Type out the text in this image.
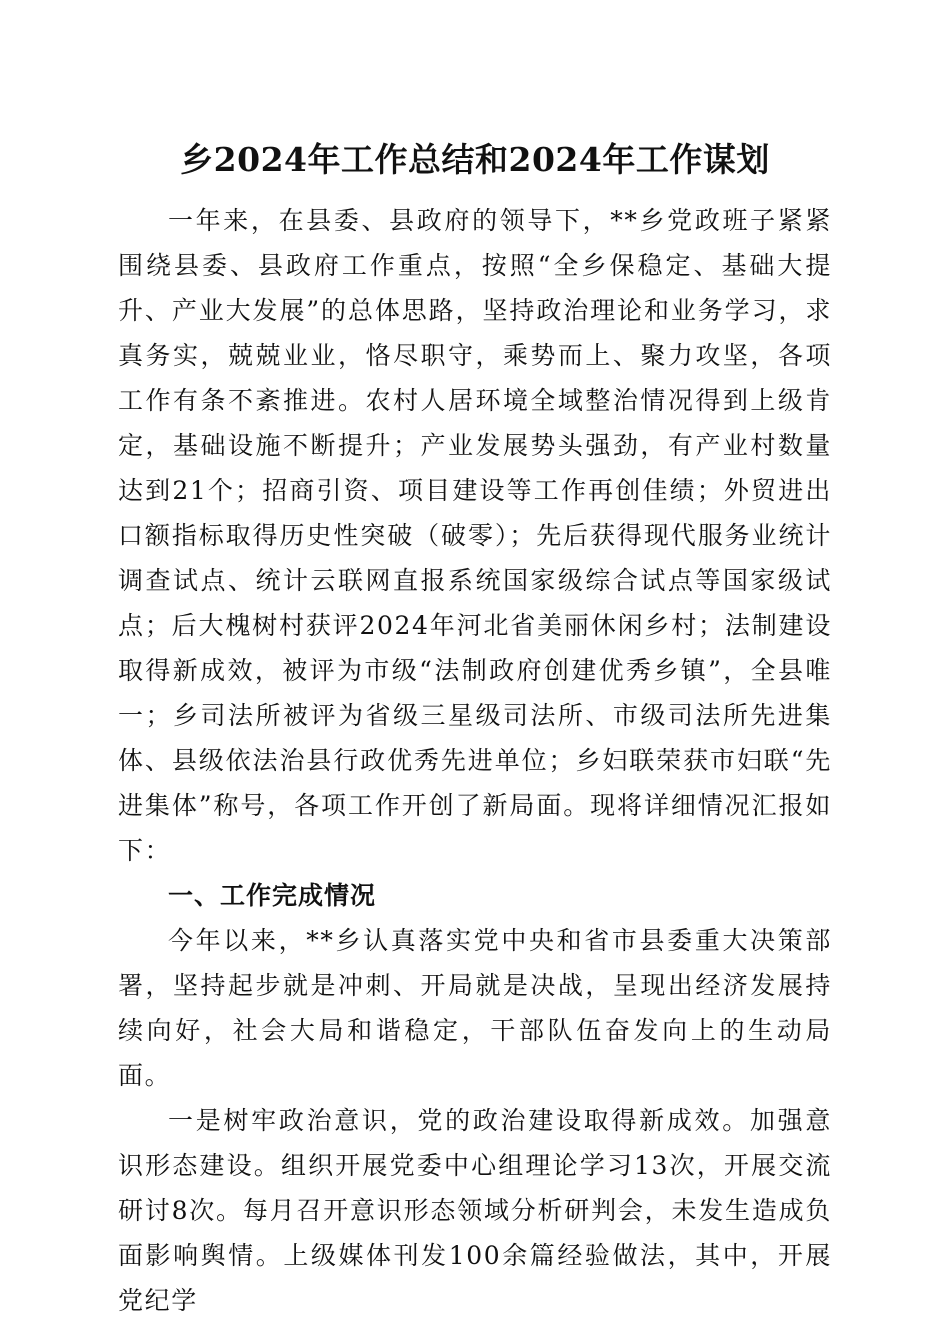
乡2024年工作总结和2024年工作谋划

一年来，在县委、县政府的领导下，**乡党政班子紧紧围绕县委、县政府工作重点，按照“全乡保稳定、基础大提升、产业大发展”的总体思路，坚持政治理论和业务学习，求真务实，兢兢业业，恪尽职守，乘势而上、聚力攻坚，各项工作有条不紊推进。农村人居环境全域整治情况得到上级肯定，基础设施不断提升；产业发展势头强劲，有产业村数量达到21个；招商引资、项目建设等工作再创佳绩；外贸进出口额指标取得历史性突破（破零）；先后获得现代服务业统计调查试点、统计云联网直报系统国家级综合试点等国家级试点；后大槐树村获评2024年河北省美丽休闲乡村；法制建设取得新成效，被评为市级“法制政府创建优秀乡镇”，全县唯一；乡司法所被评为省级三星级司法所、市级司法所先进集体、县级依法治县行政优秀先进单位；乡妇联荣获市妇联“先进集体”称号，各项工作开创了新局面。现将详细情况汇报如下：

一、工作完成情况

今年以来，**乡认真落实党中央和省市县委重大决策部署，坚持起步就是冲刺、开局就是决战，呈现出经济发展持续向好，社会大局和谐稳定，干部队伍奋发向上的生动局面。

一是树牢政治意识，党的政治建设取得新成效。加强意识形态建设。组织开展党委中心组理论学习13次，开展交流研讨8次。每月召开意识形态领域分析研判会，未发生造成负面影响舆情。上级媒体刊发100余篇经验做法，其中，开展党纪学
